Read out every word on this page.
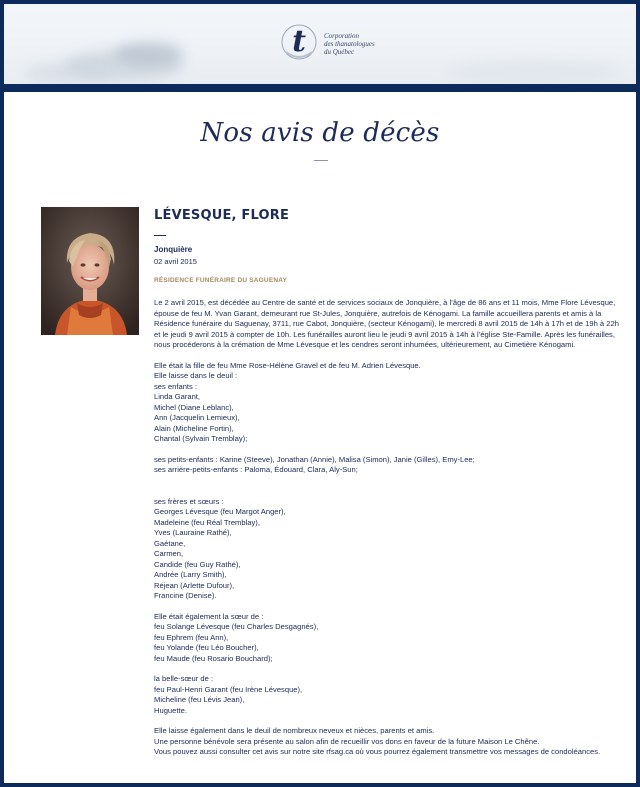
t	Corporation
des thanatologues
du Québec
Nos avis de décès
LÉVESQUE, FLORE
Jonquière
02 avril 2015
RÉSIDENCE FUNÉRAIRE DU SAGUENAY
Le 2 avril 2015, est décédée au Centre de santé et de services sociaux de Jonquière, à l’âge de 86 ans et 11 mois, Mme Flore Lévesque, épouse de feu M. Yvan Garant, demeurant rue St-Jules, Jonquière, autrefois de Kénogami. La famille accueillera parents et amis à la Résidence funéraire du Saguenay, 3711, rue Cabot, Jonquière, (secteur Kénogami), le mercredi 8 avril 2015 de 14h à 17h et de 19h à 22h et le jeudi 9 avril 2015 à compter de 10h. Les funérailles auront lieu le jeudi 9 avril 2015 à 14h à l’église Ste-Famille. Après les funérailles, nous procéderons à la crémation de Mme Lévesque et les cendres seront inhumées, ultérieurement, au Cimetière Kénogami.
Elle était la fille de feu Mme Rose-Hélène Gravel et de feu M. Adrien Lévesque.
Elle laisse dans le deuil :
ses enfants :
Linda Garant,
Michel (Diane Leblanc),
Ann (Jacquelin Lemieux),
Alain (Micheline Fortin),
Chantal (Sylvain Tremblay);
ses petits-enfants : Karine (Steeve), Jonathan (Annie), Malisa (Simon), Janie (Gilles), Emy-Lee;
ses arrière-petits-enfants : Paloma, Édouard, Clara, Aly-Sun;
ses frères et sœurs :
Georges Lévesque (feu Margot Anger),
Madeleine (feu Réal Tremblay),
Yves (Lauraine Rathé),
Gaétane,
Carmen,
Candide (feu Guy Rathé),
Andrée (Larry Smith),
Réjean (Arlette Dufour),
Francine (Denise).
Elle était également la sœur de :
feu Solange Lévesque (feu Charles Desgagnés),
feu Ephrem (feu Ann),
feu Yolande (feu Léo Boucher),
feu Maude (feu Rosario Bouchard);
la belle-sœur de :
feu Paul-Henri Garant (feu Irène Lévesque),
Micheline (feu Lévis Jean),
Huguette.
Elle laisse également dans le deuil de nombreux neveux et nièces, parents et amis.
Une personne bénévole sera présente au salon afin de recueillir vos dons en faveur de la future Maison Le Chêne.
Vous pouvez aussi consulter cet avis sur notre site rfsag.ca où vous pourrez également transmettre vos messages de condoléances.
